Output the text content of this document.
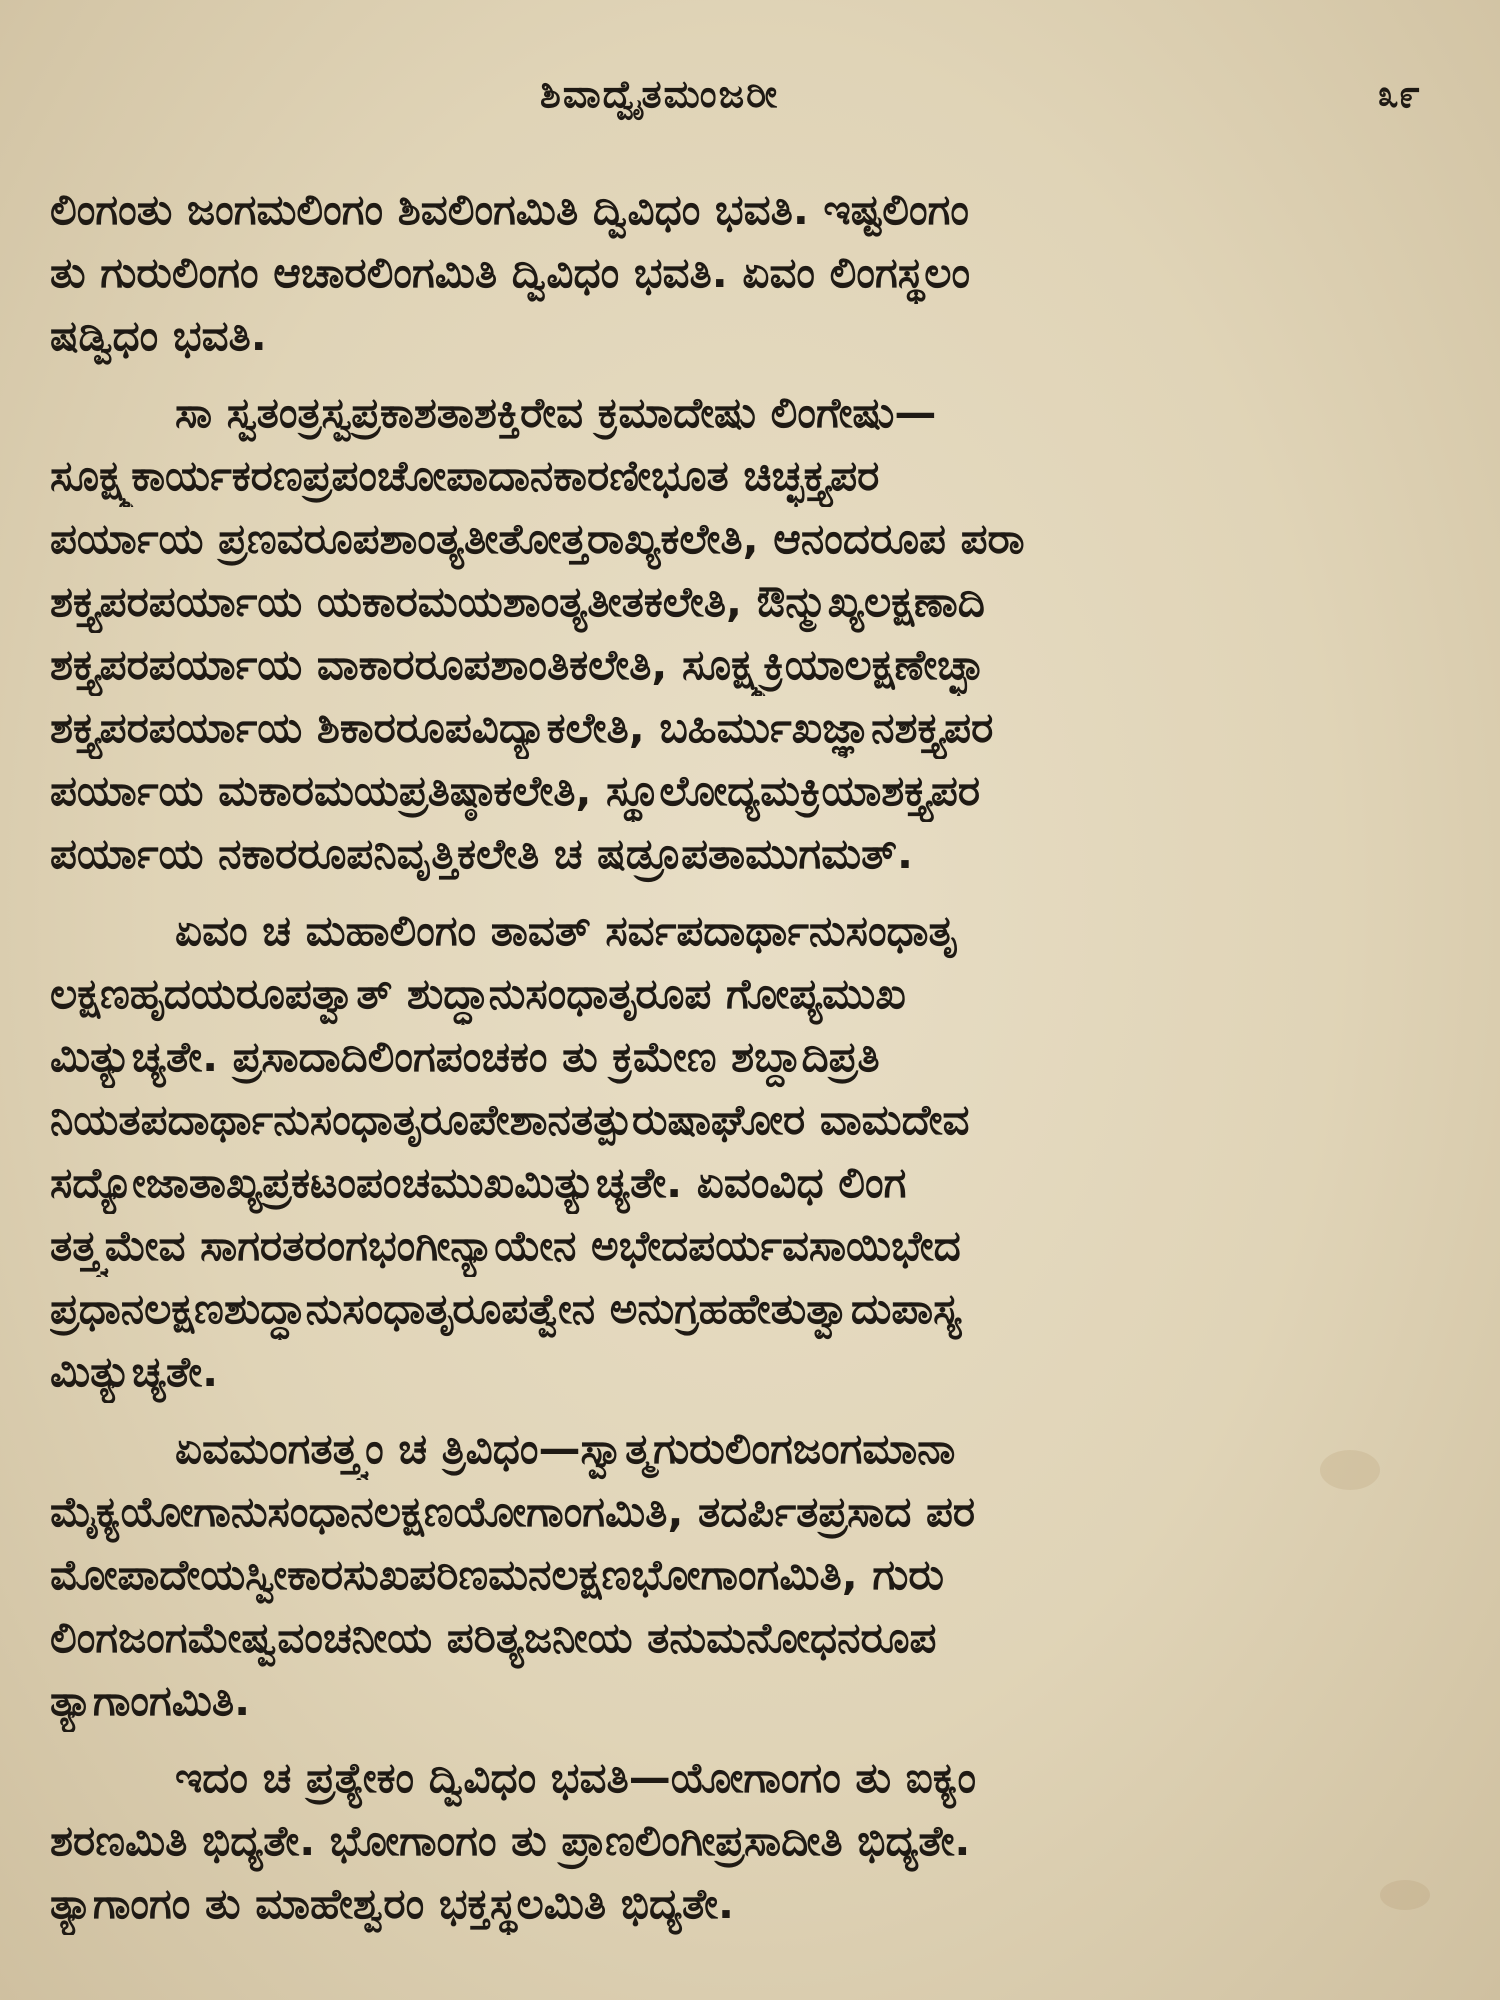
ಶಿವಾದ್ವೈತಮಂಜರೀ	೩೯

ಲಿಂಗಂತು ಜಂಗಮಲಿಂಗಂ ಶಿವಲಿಂಗಮಿತಿ ದ್ವಿವಿಧಂ ಭವತಿ. ಇಷ್ಟಲಿಂಗಂ
ತು ಗುರುಲಿಂಗಂ ಆಚಾರಲಿಂಗಮಿತಿ ದ್ವಿವಿಧಂ ಭವತಿ. ಏವಂ ಲಿಂಗಸ್ಥಲಂ
ಷಡ್ವಿಧಂ ಭವತಿ.

ಸಾ ಸ್ವತಂತ್ರಸ್ವಪ್ರಕಾಶತಾಶಕ್ತಿರೇವ ಕ್ರಮಾದೇಷು ಲಿಂಗೇಷು—
ಸೂಕ್ಷ್ಮಕಾರ್ಯಕರಣಪ್ರಪಂಚೋಪಾದಾನಕಾರಣೀಭೂತ ಚಿಚ್ಛಕ್ತ್ಯಪರ
ಪರ್ಯಾಯ ಪ್ರಣವರೂಪಶಾಂತ್ಯತೀತೋತ್ತರಾಖ್ಯಕಲೇತಿ, ಆನಂದರೂಪ ಪರಾ
ಶಕ್ತ್ಯಪರಪರ್ಯಾಯ ಯಕಾರಮಯಶಾಂತ್ಯತೀತಕಲೇತಿ, ಔನ್ಮುಖ್ಯಲಕ್ಷಣಾದಿ
ಶಕ್ತ್ಯಪರಪರ್ಯಾಯ ವಾಕಾರರೂಪಶಾಂತಿಕಲೇತಿ, ಸೂಕ್ಷ್ಮಕ್ರಿಯಾಲಕ್ಷಣೇಚ್ಛಾ
ಶಕ್ತ್ಯಪರಪರ್ಯಾಯ ಶಿಕಾರರೂಪವಿದ್ಯಾಕಲೇತಿ, ಬಹಿರ್ಮುಖಜ್ಞಾನಶಕ್ತ್ಯಪರ
ಪರ್ಯಾಯ ಮಕಾರಮಯಪ್ರತಿಷ್ಠಾಕಲೇತಿ, ಸ್ಥೂಲೋದ್ಯಮಕ್ರಿಯಾಶಕ್ತ್ಯಪರ
ಪರ್ಯಾಯ ನಕಾರರೂಪನಿವೃತ್ತಿಕಲೇತಿ ಚ ಷಡ್ರೂಪತಾಮುಗಮತ್.

ಏವಂ ಚ ಮಹಾಲಿಂಗಂ ತಾವತ್ ಸರ್ವಪದಾರ್ಥಾನುಸಂಧಾತೃ
ಲಕ್ಷಣಹೃದಯರೂಪತ್ವಾತ್ ಶುದ್ಧಾನುಸಂಧಾತೃರೂಪ ಗೋಪ್ಯಮುಖ
ಮಿತ್ಯುಚ್ಯತೇ. ಪ್ರಸಾದಾದಿಲಿಂಗಪಂಚಕಂ ತು ಕ್ರಮೇಣ ಶಬ್ದಾದಿಪ್ರತಿ
ನಿಯತಪದಾರ್ಥಾನುಸಂಧಾತೃರೂಪೇಶಾನತತ್ಪುರುಷಾಘೋರ ವಾಮದೇವ
ಸದ್ಯೋಜಾತಾಖ್ಯಪ್ರಕಟಂಪಂಚಮುಖಮಿತ್ಯುಚ್ಯತೇ. ಏವಂವಿಧ ಲಿಂಗ
ತತ್ತ್ವಮೇವ ಸಾಗರತರಂಗಭಂಗೀನ್ಯಾಯೇನ ಅಭೇದಪರ್ಯವಸಾಯಿಭೇದ
ಪ್ರಧಾನಲಕ್ಷಣಶುದ್ಧಾನುಸಂಧಾತೃರೂಪತ್ವೇನ ಅನುಗ್ರಹಹೇತುತ್ವಾದುಪಾಸ್ಯ
ಮಿತ್ಯುಚ್ಯತೇ.

ಏವಮಂಗತತ್ತ್ವಂ ಚ ತ್ರಿವಿಧಂ—ಸ್ವಾತ್ಮಗುರುಲಿಂಗಜಂಗಮಾನಾ
ಮೈಕ್ಯಯೋಗಾನುಸಂಧಾನಲಕ್ಷಣಯೋಗಾಂಗಮಿತಿ, ತದರ್ಪಿತಪ್ರಸಾದ ಪರ
ಮೋಪಾದೇಯಸ್ವೀಕಾರಸುಖಪರಿಣಮನಲಕ್ಷಣಭೋಗಾಂಗಮಿತಿ, ಗುರು
ಲಿಂಗಜಂಗಮೇಷ್ವವಂಚನೀಯ ಪರಿತ್ಯಜನೀಯ ತನುಮನೋಧನರೂಪ
ತ್ಯಾಗಾಂಗಮಿತಿ.

ಇದಂ ಚ ಪ್ರತ್ಯೇಕಂ ದ್ವಿವಿಧಂ ಭವತಿ—ಯೋಗಾಂಗಂ ತು ಐಕ್ಯಂ
ಶರಣಮಿತಿ ಭಿದ್ಯತೇ. ಭೋಗಾಂಗಂ ತು ಪ್ರಾಣಲಿಂಗೀಪ್ರಸಾದೀತಿ ಭಿದ್ಯತೇ.
ತ್ಯಾಗಾಂಗಂ ತು ಮಾಹೇಶ್ವರಂ ಭಕ್ತಸ್ಥಲಮಿತಿ ಭಿದ್ಯತೇ.
